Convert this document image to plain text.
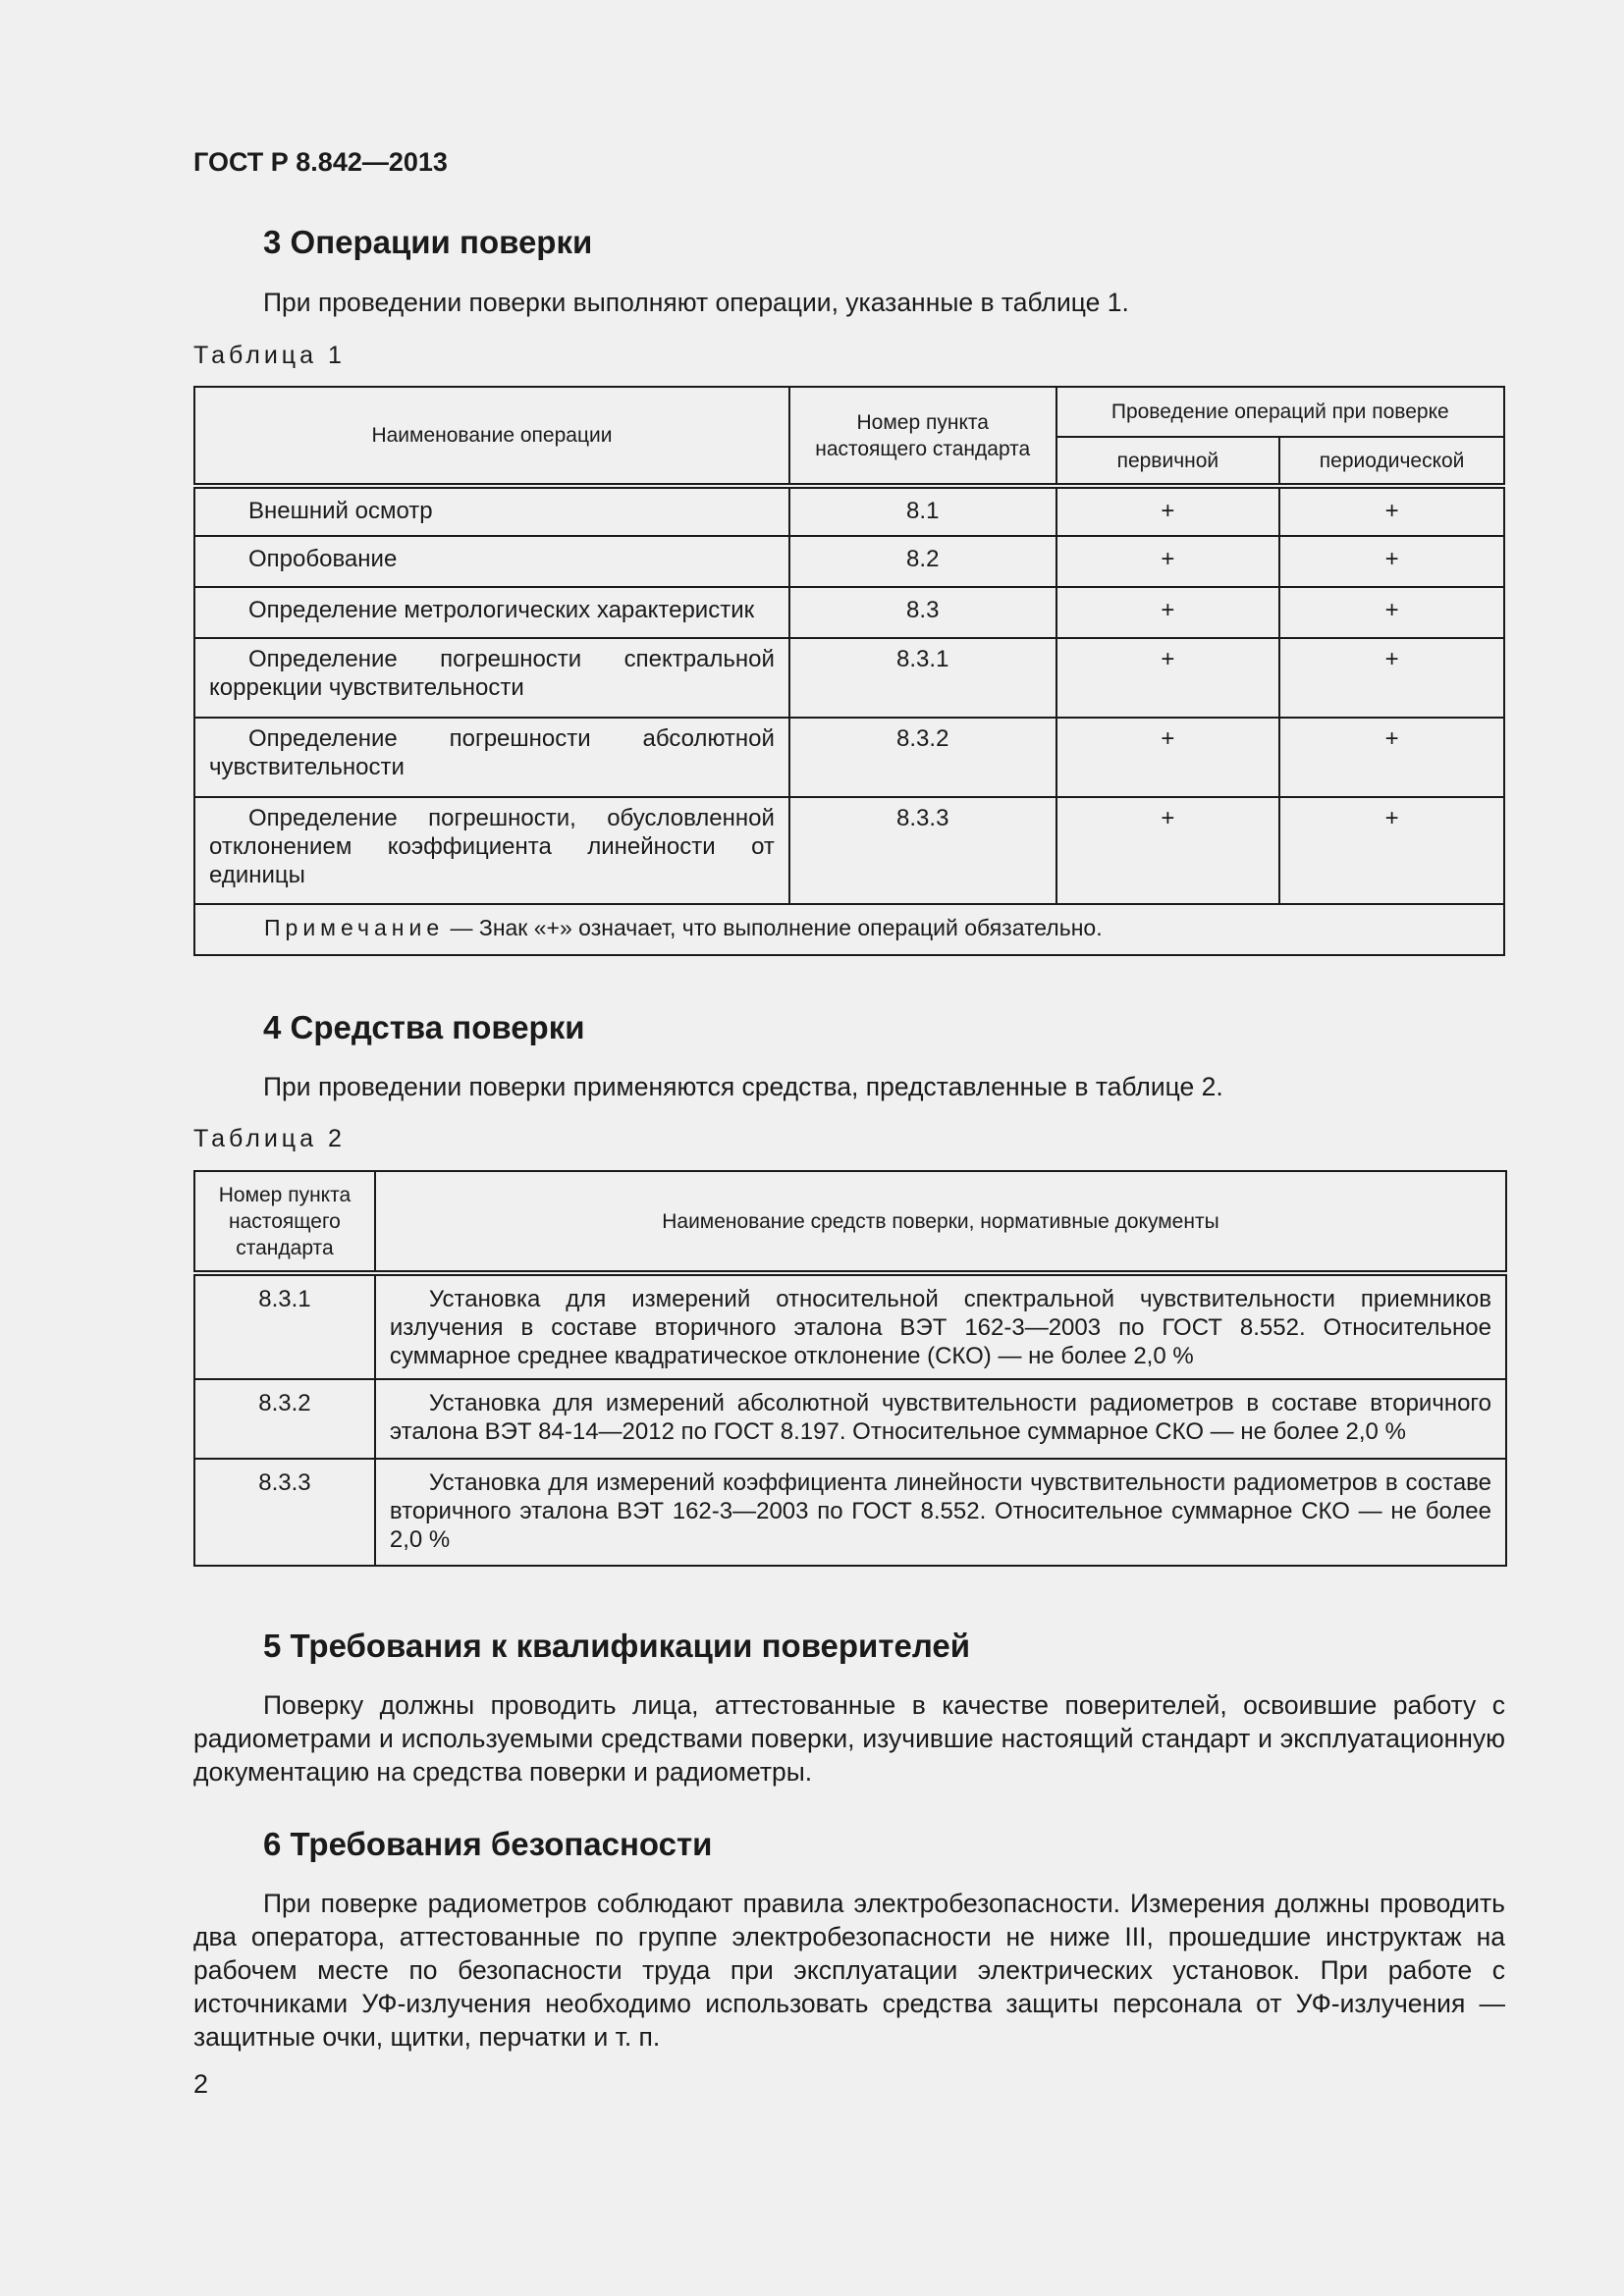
ГОСТ Р 8.842—2013
3 Операции поверки

При проведении поверки выполняют операции, указанные в таблице 1.

Таблица 1
Наименование операции	Номер пункта настоящего стандарта	Проведение операций при поверке	
		первичной	периодической
Внешний осмотр	8.1	+	+
Опробование	8.2	+	+
Определение метрологических характеристик	8.3	+	+
Определение погрешности спектральной коррекции чувствительности	8.3.1	+	+
Определение погрешности абсолютной чувствительности	8.3.2	+	+
Определение погрешности, обусловленной отклонением коэффициента линейности от единицы	8.3.3	+	+
Примечание — Знак «+» означает, что выполнение операций обязательно.			
4 Средства поверки

При проведении поверки применяются средства, представленные в таблице 2.

Таблица 2
Номер пункта настоящего стандарта	Наименование средств поверки, нормативные документы
8.3.1	Установка для измерений относительной спектральной чувствительности приемников излучения в составе вторичного эталона ВЭТ 162-3—2003 по ГОСТ 8.552. Относительное суммарное среднее квадратическое отклонение (СКО) — не более 2,0 %
8.3.2	Установка для измерений абсолютной чувствительности радиометров в составе вторичного эталона ВЭТ 84-14—2012 по ГОСТ 8.197. Относительное суммарное СКО — не более 2,0 %
8.3.3	Установка для измерений коэффициента линейности чувствительности радиометров в составе вторичного эталона ВЭТ 162-3—2003 по ГОСТ 8.552. Относительное суммарное СКО — не более 2,0 %
5 Требования к квалификации поверителей

Поверку должны проводить лица, аттестованные в качестве поверителей, освоившие работу с радиометрами и используемыми средствами поверки, изучившие настоящий стандарт и эксплуатационную документацию на средства поверки и радиометры.

6 Требования безопасности

При поверке радиометров соблюдают правила электробезопасности. Измерения должны проводить два оператора, аттестованные по группе электробезопасности не ниже III, прошедшие инструктаж на рабочем месте по безопасности труда при эксплуатации электрических установок. При работе с источниками УФ-излучения необходимо использовать средства защиты персонала от УФ-излучения — защитные очки, щитки, перчатки и т. п.

2
